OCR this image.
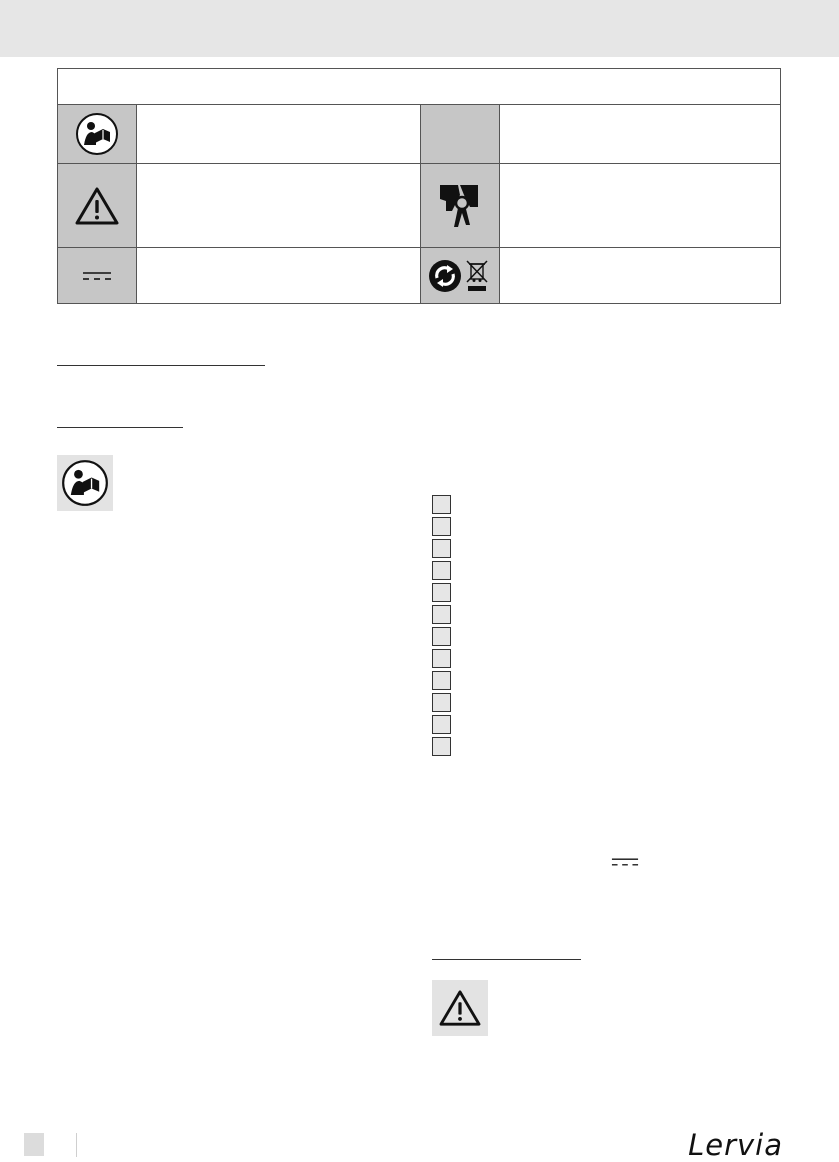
Lervia
